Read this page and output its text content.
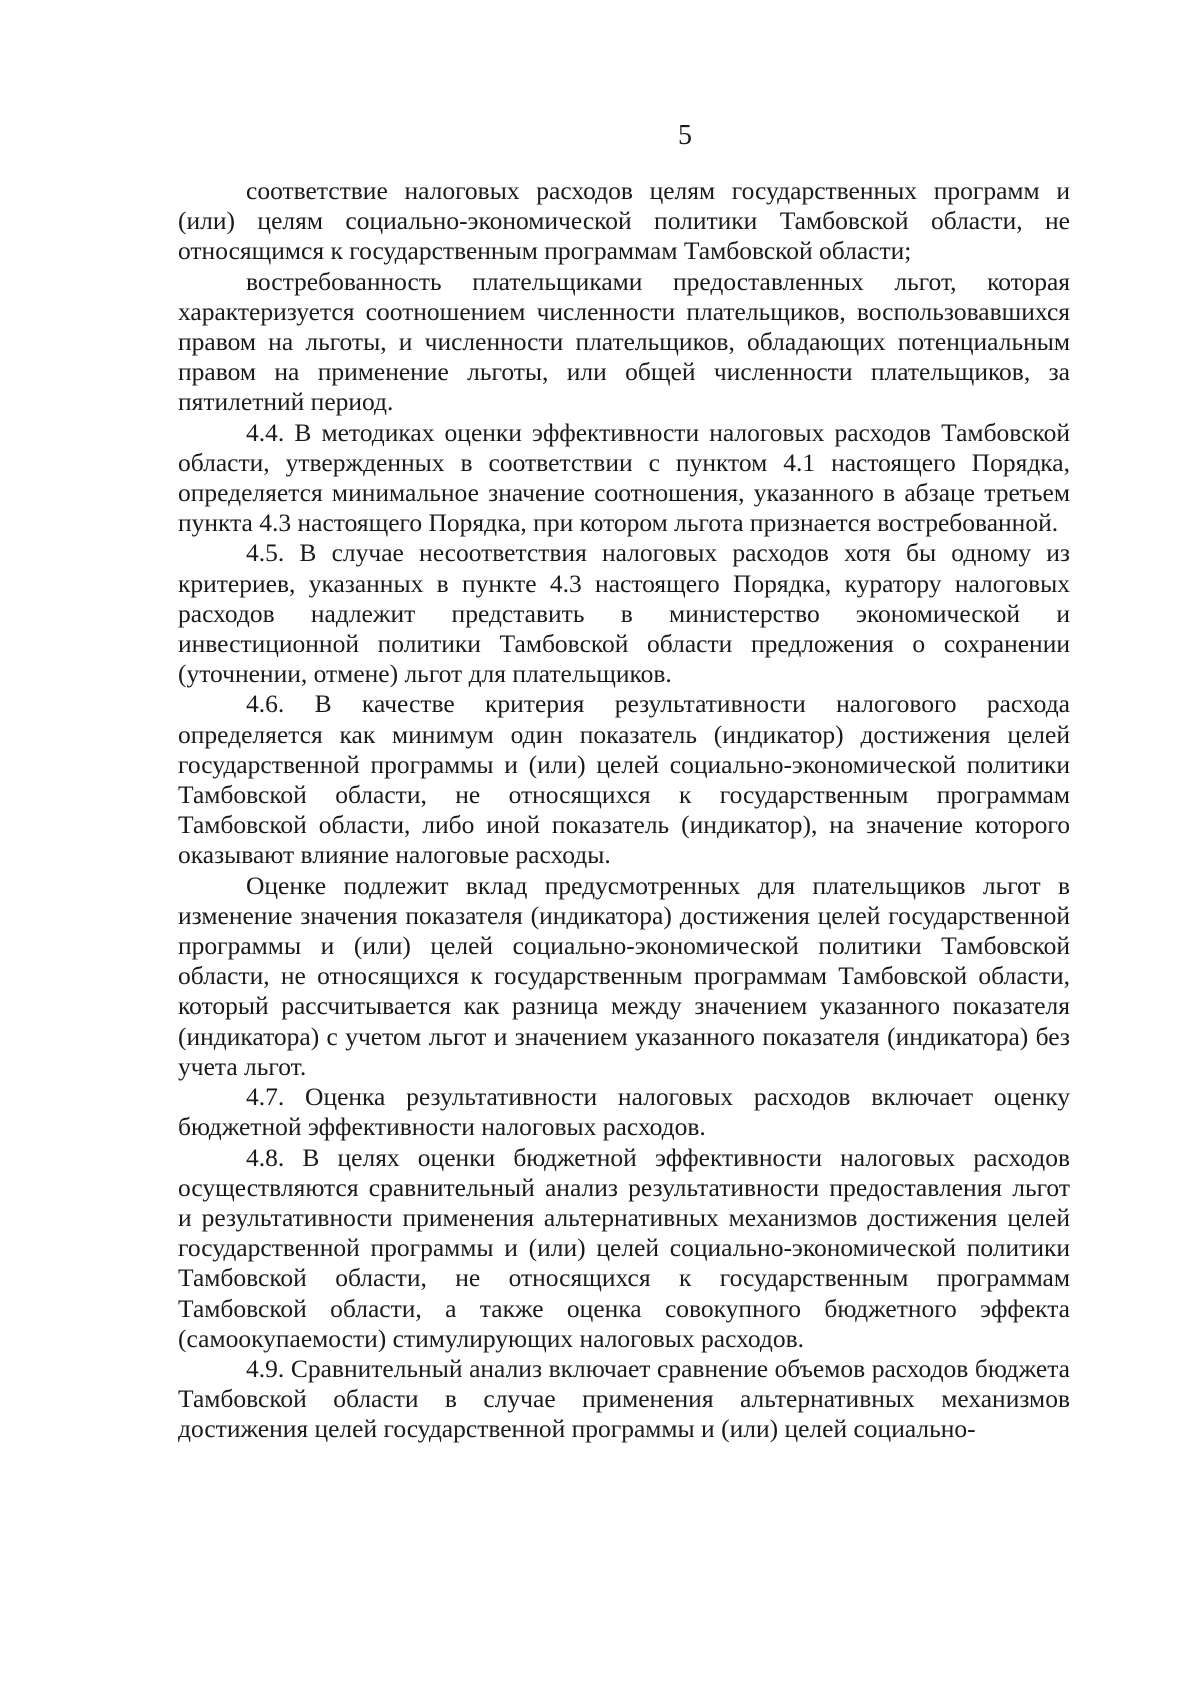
5

соответствие налоговых расходов целям государственных программ и (или) целям социально-экономической политики Тамбовской области, не относящимся к государственным программам Тамбовской области;

востребованность плательщиками предоставленных льгот, которая характеризуется соотношением численности плательщиков, воспользовавшихся правом на льготы, и численности плательщиков, обладающих потенциальным правом на применение льготы, или общей численности плательщиков, за пятилетний период.

4.4. В методиках оценки эффективности налоговых расходов Тамбовской области, утвержденных в соответствии с пунктом 4.1 настоящего Порядка, определяется минимальное значение соотношения, указанного в абзаце третьем пункта 4.3 настоящего Порядка, при котором льгота признается востребованной.

4.5. В случае несоответствия налоговых расходов хотя бы одному из критериев, указанных в пункте 4.3 настоящего Порядка, куратору налоговых расходов надлежит представить в министерство экономической и инвестиционной политики Тамбовской области предложения о сохранении (уточнении, отмене) льгот для плательщиков.

4.6. В качестве критерия результативности налогового расхода определяется как минимум один показатель (индикатор) достижения целей государственной программы и (или) целей социально-экономической политики Тамбовской области, не относящихся к государственным программам Тамбовской области, либо иной показатель (индикатор), на значение которого оказывают влияние налоговые расходы.

Оценке подлежит вклад предусмотренных для плательщиков льгот в изменение значения показателя (индикатора) достижения целей государственной программы и (или) целей социально-экономической политики Тамбовской области, не относящихся к государственным программам Тамбовской области, который рассчитывается как разница между значением указанного показателя (индикатора) с учетом льгот и значением указанного показателя (индикатора) без учета льгот.

4.7. Оценка результативности налоговых расходов включает оценку бюджетной эффективности налоговых расходов.

4.8. В целях оценки бюджетной эффективности налоговых расходов осуществляются сравнительный анализ результативности предоставления льгот и результативности применения альтернативных механизмов достижения целей государственной программы и (или) целей социально-экономической политики Тамбовской области, не относящихся к государственным программам Тамбовской области, а также оценка совокупного бюджетного эффекта (самоокупаемости) стимулирующих налоговых расходов.

4.9. Сравнительный анализ включает сравнение объемов расходов бюджета Тамбовской области в случае применения альтернативных механизмов достижения целей государственной программы и (или) целей социально-
